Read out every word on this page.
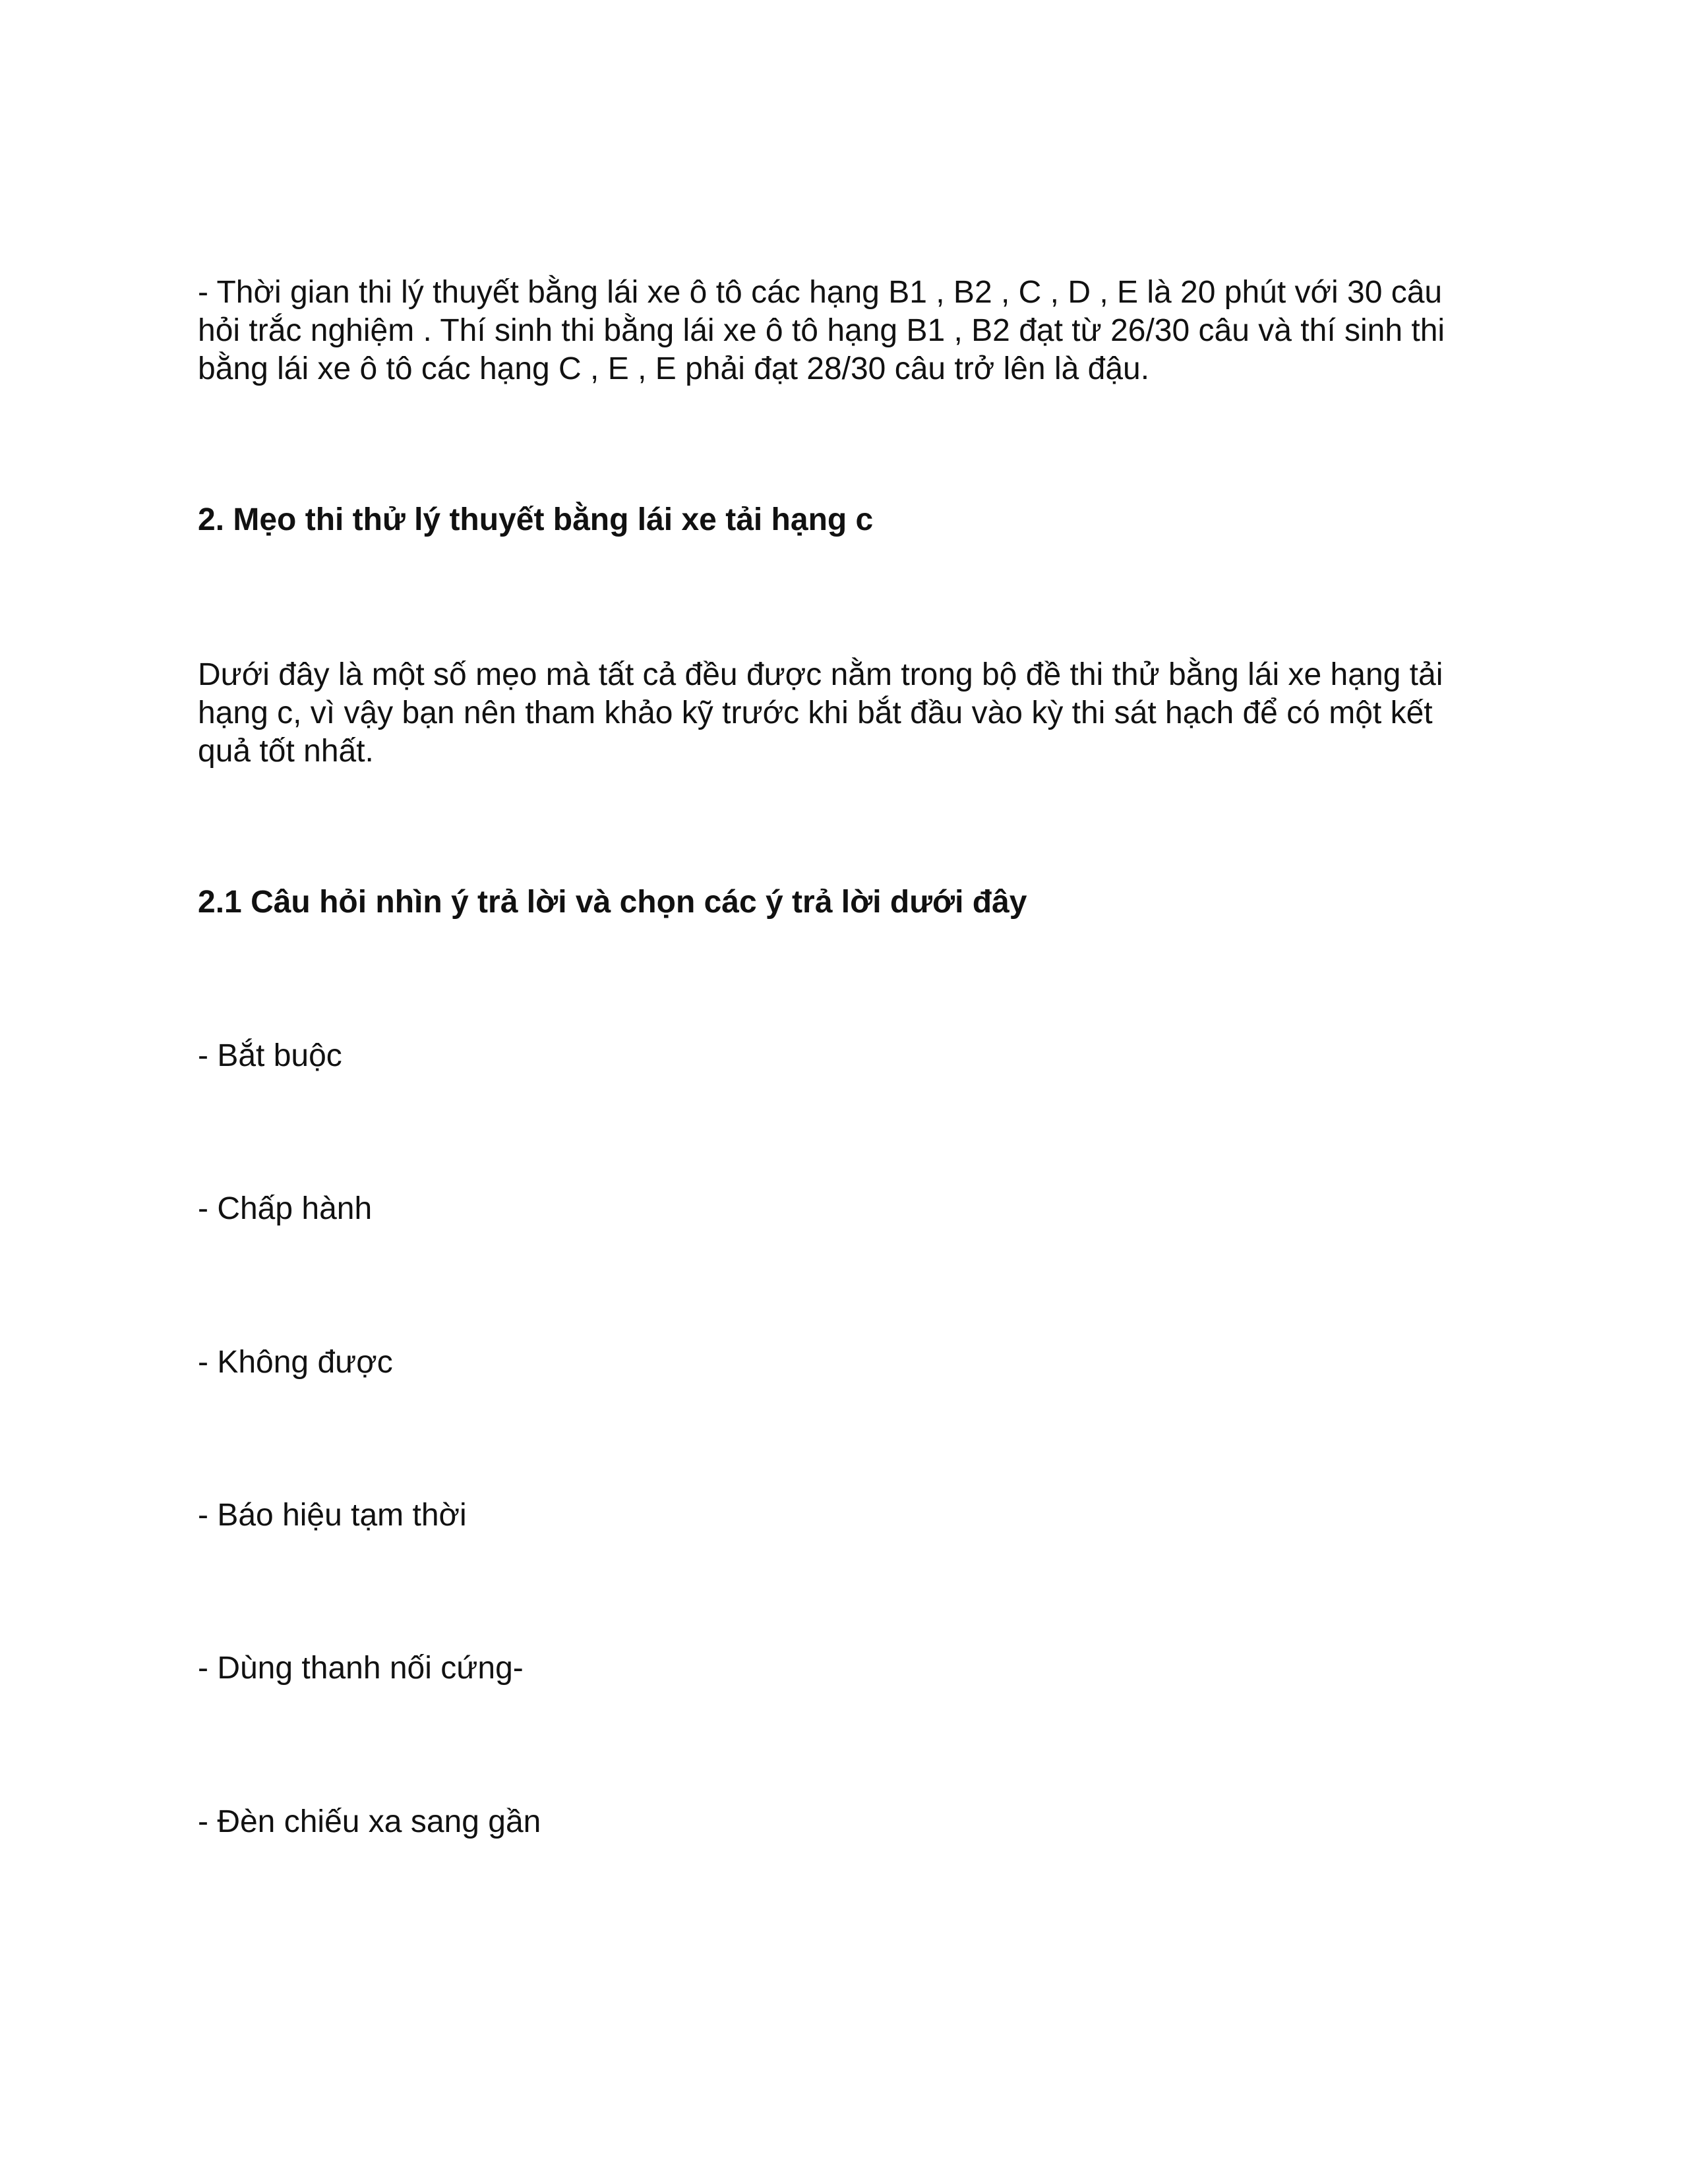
- Thời gian thi lý thuyết bằng lái xe ô tô các hạng B1 , B2 , C , D , E là 20 phút với 30 câu hỏi trắc nghiệm . Thí sinh thi bằng lái xe ô tô hạng B1 , B2 đạt từ 26/30 câu và thí sinh thi bằng lái xe ô tô các hạng C , E , E phải đạt 28/30 câu trở lên là đậu.

2. Mẹo thi thử lý thuyết bằng lái xe tải hạng c

Dưới đây là một số mẹo mà tất cả đều được nằm trong bộ đề thi thử bằng lái xe hạng tải hạng c, vì vậy bạn nên tham khảo kỹ trước khi bắt đầu vào kỳ thi sát hạch để có một kết quả tốt nhất.

2.1 Câu hỏi nhìn ý trả lời và chọn các ý trả lời dưới đây

- Bắt buộc

- Chấp hành

- Không được

- Báo hiệu tạm thời

- Dùng thanh nối cứng-

- Đèn chiếu xa sang gần
